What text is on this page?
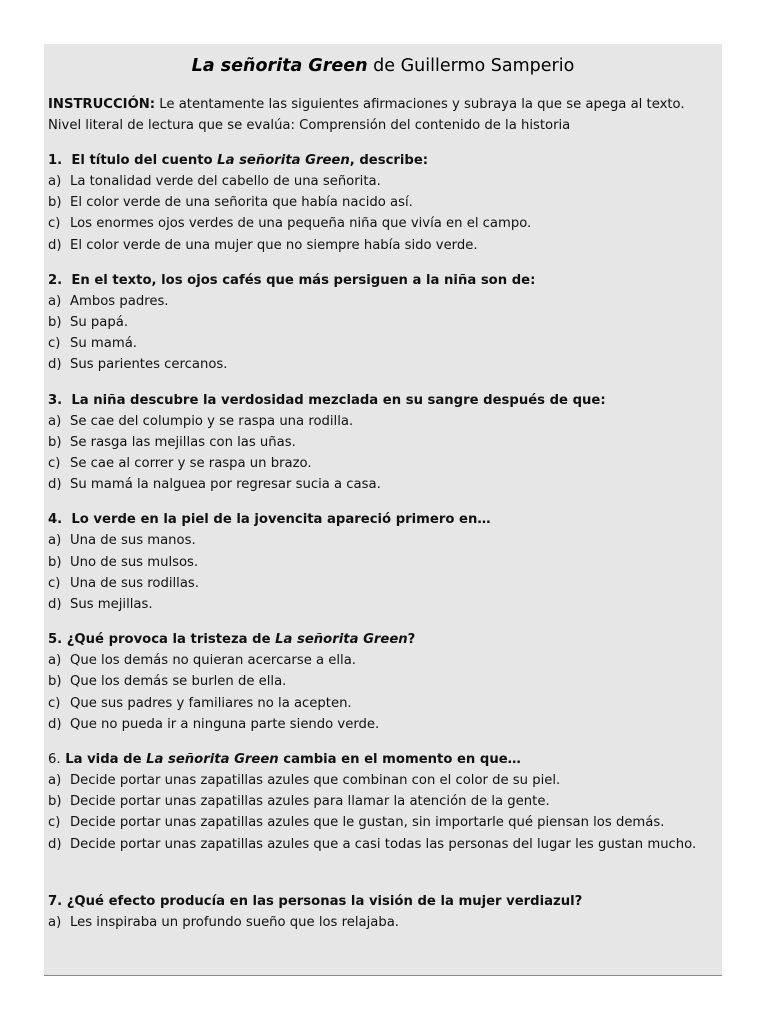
La señorita Green de Guillermo Samperio
INSTRUCCIÓN: Le atentamente las siguientes afirmaciones y subraya la que se apega al texto.
Nivel literal de lectura que se evalúa: Comprensión del contenido de la historia
1. El título del cuento La señorita Green, describe:
a) La tonalidad verde del cabello de una señorita.
b) El color verde de una señorita que había nacido así.
c) Los enormes ojos verdes de una pequeña niña que vivía en el campo.
d) El color verde de una mujer que no siempre había sido verde.
2. En el texto, los ojos cafés que más persiguen a la niña son de:
a) Ambos padres.
b) Su papá.
c) Su mamá.
d) Sus parientes cercanos.
3. La niña descubre la verdosidad mezclada en su sangre después de que:
a) Se cae del columpio y se raspa una rodilla.
b) Se rasga las mejillas con las uñas.
c) Se cae al correr y se raspa un brazo.
d) Su mamá la nalguea por regresar sucia a casa.
4. Lo verde en la piel de la jovencita apareció primero en…
a) Una de sus manos.
b) Uno de sus mulsos.
c) Una de sus rodillas.
d) Sus mejillas.
5. ¿Qué provoca la tristeza de La señorita Green?
a) Que los demás no quieran acercarse a ella.
b) Que los demás se burlen de ella.
c) Que sus padres y familiares no la acepten.
d) Que no pueda ir a ninguna parte siendo verde.
6. La vida de La señorita Green cambia en el momento en que…
a) Decide portar unas zapatillas azules que combinan con el color de su piel.
b) Decide portar unas zapatillas azules para llamar la atención de la gente.
c) Decide portar unas zapatillas azules que le gustan, sin importarle qué piensan los demás.
d) Decide portar unas zapatillas azules que a casi todas las personas del lugar les gustan mucho.
7. ¿Qué efecto producía en las personas la visión de la mujer verdiazul?
a) Les inspiraba un profundo sueño que los relajaba.
